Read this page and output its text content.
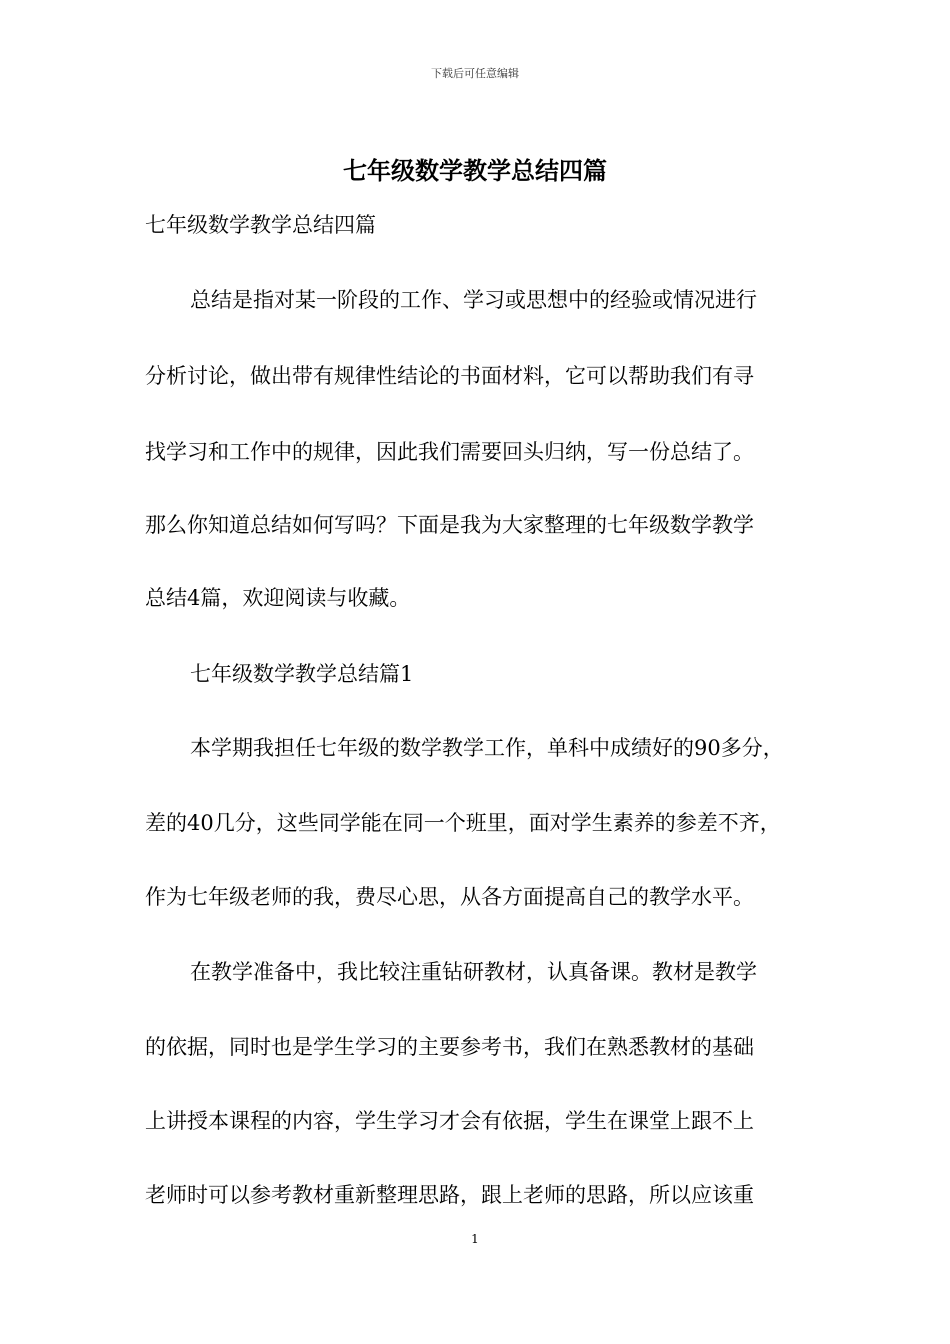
下载后可任意编辑
七年级数学教学总结四篇
七年级数学教学总结四篇
总结是指对某一阶段的工作、学习或思想中的经验或情况进行
分析讨论，做出带有规律性结论的书面材料，它可以帮助我们有寻
找学习和工作中的规律，因此我们需要回头归纳，写一份总结了。
那么你知道总结如何写吗？下面是我为大家整理的七年级数学教学
总结4篇，欢迎阅读与收藏。
七年级数学教学总结篇1
本学期我担任七年级的数学教学工作，单科中成绩好的90多分，
差的40几分，这些同学能在同一个班里，面对学生素养的参差不齐，
作为七年级老师的我，费尽心思，从各方面提高自己的教学水平。
在教学准备中，我比较注重钻研教材，认真备课。教材是教学
的依据，同时也是学生学习的主要参考书，我们在熟悉教材的基础
上讲授本课程的内容，学生学习才会有依据，学生在课堂上跟不上
老师时可以参考教材重新整理思路，跟上老师的思路，所以应该重
1
